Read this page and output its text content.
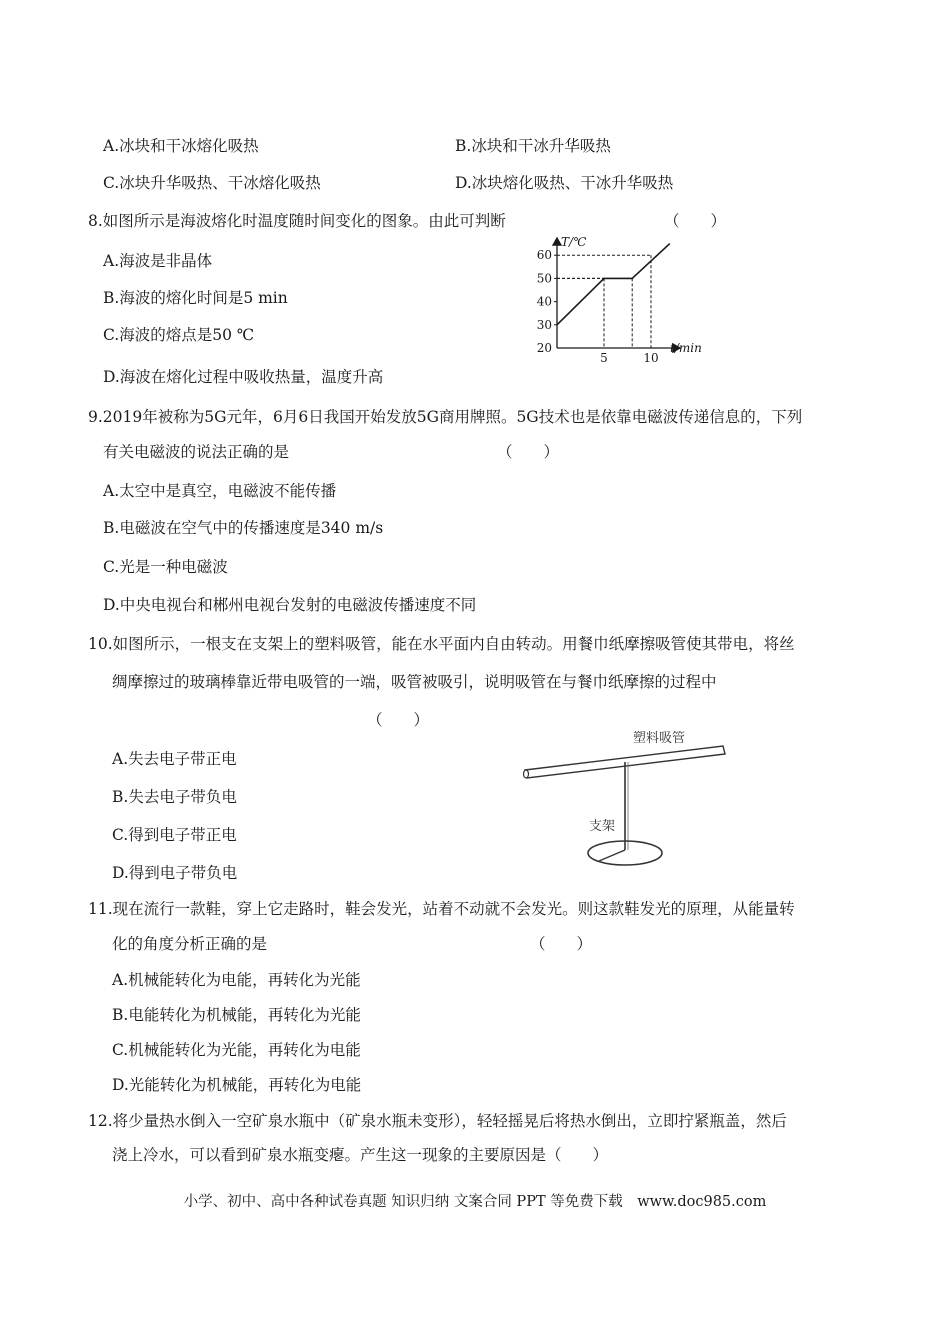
A.冰块和干冰熔化吸热	B.冰块和干冰升华吸热
C.冰块升华吸热、干冰熔化吸热	D.冰块熔化吸热、干冰升华吸热
8.如图所示是海波熔化时温度随时间变化的图象。由此可判断	（　　）
A.海波是非晶体
B.海波的熔化时间是5 min
C.海波的熔点是50 ℃
D.海波在熔化过程中吸收热量，温度升高
20
30
40
50
60
5	10
T/℃
t/min
9.2019年被称为5G元年，6月6日我国开始发放5G商用牌照。5G技术也是依靠电磁波传递信息的，下列
有关电磁波的说法正确的是	（　　）
A.太空中是真空，电磁波不能传播
B.电磁波在空气中的传播速度是340 m/s
C.光是一种电磁波
D.中央电视台和郴州电视台发射的电磁波传播速度不同
10.如图所示，一根支在支架上的塑料吸管，能在水平面内自由转动。用餐巾纸摩擦吸管使其带电，将丝
绸摩擦过的玻璃棒靠近带电吸管的一端，吸管被吸引，说明吸管在与餐巾纸摩擦的过程中
（　　）
A.失去电子带正电
B.失去电子带负电
C.得到电子带正电
D.得到电子带负电
塑料吸管
支架
11.现在流行一款鞋，穿上它走路时，鞋会发光，站着不动就不会发光。则这款鞋发光的原理，从能量转
化的角度分析正确的是	（　　）
A.机械能转化为电能，再转化为光能
B.电能转化为机械能，再转化为光能
C.机械能转化为光能，再转化为电能
D.光能转化为机械能，再转化为电能
12.将少量热水倒入一空矿泉水瓶中（矿泉水瓶未变形），轻轻摇晃后将热水倒出，立即拧紧瓶盖，然后
浇上冷水，可以看到矿泉水瓶变瘪。产生这一现象的主要原因是（　　）
小学、初中、高中各种试卷真题 知识归纳 文案合同 PPT 等免费下载　www.doc985.com
